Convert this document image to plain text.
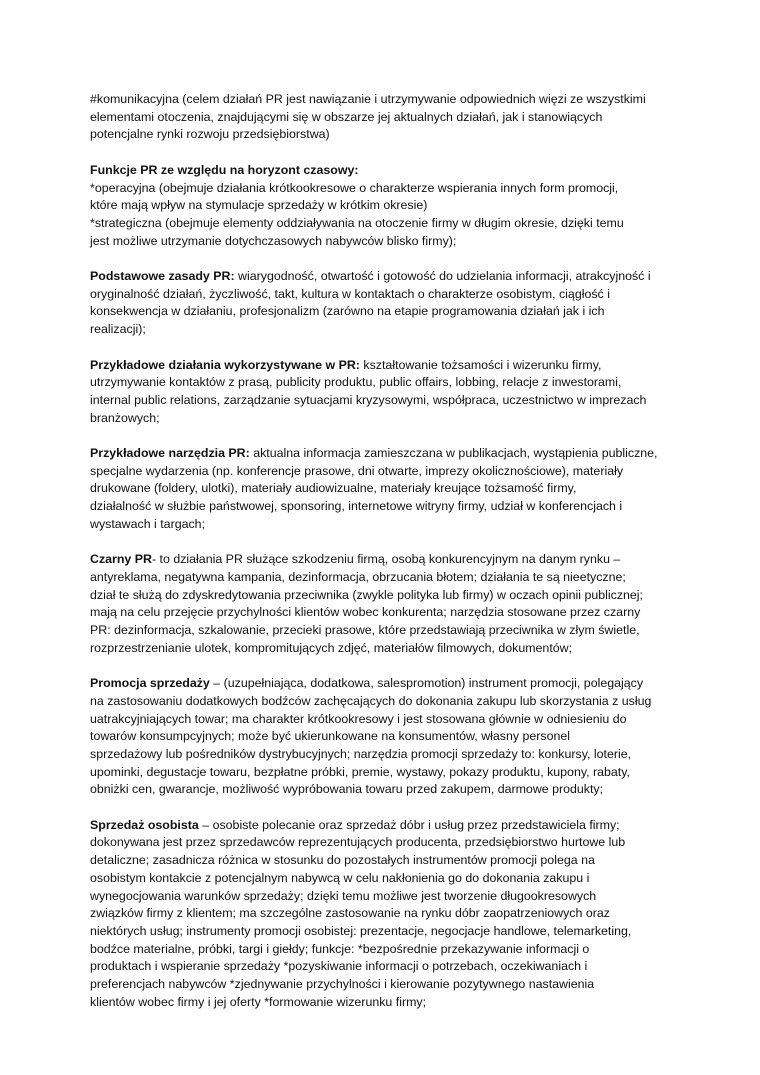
#komunikacyjna (celem działań PR jest nawiązanie i utrzymywanie odpowiednich więzi ze wszystkimi
elementami otoczenia, znajdującymi się w obszarze jej aktualnych działań, jak i stanowiących
potencjalne rynki rozwoju przedsiębiorstwa)
Funkcje PR ze względu na horyzont czasowy:
*operacyjna (obejmuje działania krótkookresowe o charakterze wspierania innych form promocji,
które mają wpływ na stymulacje sprzedaży w krótkim okresie)
*strategiczna (obejmuje elementy oddziaływania na otoczenie firmy w długim okresie, dzięki temu
jest możliwe utrzymanie dotychczasowych nabywców blisko firmy);
Podstawowe zasady PR: wiarygodność, otwartość i gotowość do udzielania informacji, atrakcyjność i
oryginalność działań, życzliwość, takt, kultura w kontaktach o charakterze osobistym, ciągłość i
konsekwencja w działaniu, profesjonalizm (zarówno na etapie programowania działań jak i ich
realizacji);
Przykładowe działania wykorzystywane w PR: kształtowanie tożsamości i wizerunku firmy,
utrzymywanie kontaktów z prasą, publicity produktu, public offairs, lobbing, relacje z inwestorami,
internal public relations, zarządzanie sytuacjami kryzysowymi, współpraca, uczestnictwo w imprezach
branżowych;
Przykładowe narzędzia PR: aktualna informacja zamieszczana w publikacjach, wystąpienia publiczne,
specjalne wydarzenia (np. konferencje prasowe, dni otwarte, imprezy okolicznościowe), materiały
drukowane (foldery, ulotki), materiały audiowizualne, materiały kreujące tożsamość firmy,
działalność w służbie państwowej, sponsoring, internetowe witryny firmy, udział w konferencjach i
wystawach i targach;
Czarny PR- to działania PR służące szkodzeniu firmą, osobą konkurencyjnym na danym rynku –
antyreklama, negatywna kampania, dezinformacja, obrzucania błotem; działania te są nieetyczne;
dział te służą do zdyskredytowania przeciwnika (zwykle polityka lub firmy) w oczach opinii publicznej;
mają na celu przejęcie przychylności klientów wobec konkurenta; narzędzia stosowane przez czarny
PR: dezinformacja, szkalowanie, przecieki prasowe, które przedstawiają przeciwnika w złym świetle,
rozprzestrzenianie ulotek, kompromitujących zdjęć, materiałów filmowych, dokumentów;
Promocja sprzedaży – (uzupełniająca, dodatkowa, salespromotion) instrument promocji, polegający
na zastosowaniu dodatkowych bodźców zachęcających do dokonania zakupu lub skorzystania z usług
uatrakcyjniających towar; ma charakter krótkookresowy i jest stosowana głównie w odniesieniu do
towarów konsumpcyjnych; może być ukierunkowane na konsumentów, własny personel
sprzedażowy lub pośredników dystrybucyjnych; narzędzia promocji sprzedaży to: konkursy, loterie,
upominki, degustacje towaru, bezpłatne próbki, premie, wystawy, pokazy produktu, kupony, rabaty,
obniżki cen, gwarancje, możliwość wypróbowania towaru przed zakupem, darmowe produkty;
Sprzedaż osobista – osobiste polecanie oraz sprzedaż dóbr i usług przez przedstawiciela firmy;
dokonywana jest przez sprzedawców reprezentujących producenta, przedsiębiorstwo hurtowe lub
detaliczne; zasadnicza różnica w stosunku do pozostałych instrumentów promocji polega na
osobistym kontakcie z potencjalnym nabywcą w celu nakłonienia go do dokonania zakupu i
wynegocjowania warunków sprzedaży; dzięki temu możliwe jest tworzenie długookresowych
związków firmy z klientem; ma szczególne zastosowanie na rynku dóbr zaopatrzeniowych oraz
niektórych usług; instrumenty promocji osobistej: prezentacje, negocjacje handlowe, telemarketing,
bodźce materialne, próbki, targi i giełdy; funkcje: *bezpośrednie przekazywanie informacji o
produktach i wspieranie sprzedaży *pozyskiwanie informacji o potrzebach, oczekiwaniach i
preferencjach nabywców *zjednywanie przychylności i kierowanie pozytywnego nastawienia
klientów wobec firmy i jej oferty *formowanie wizerunku firmy;
